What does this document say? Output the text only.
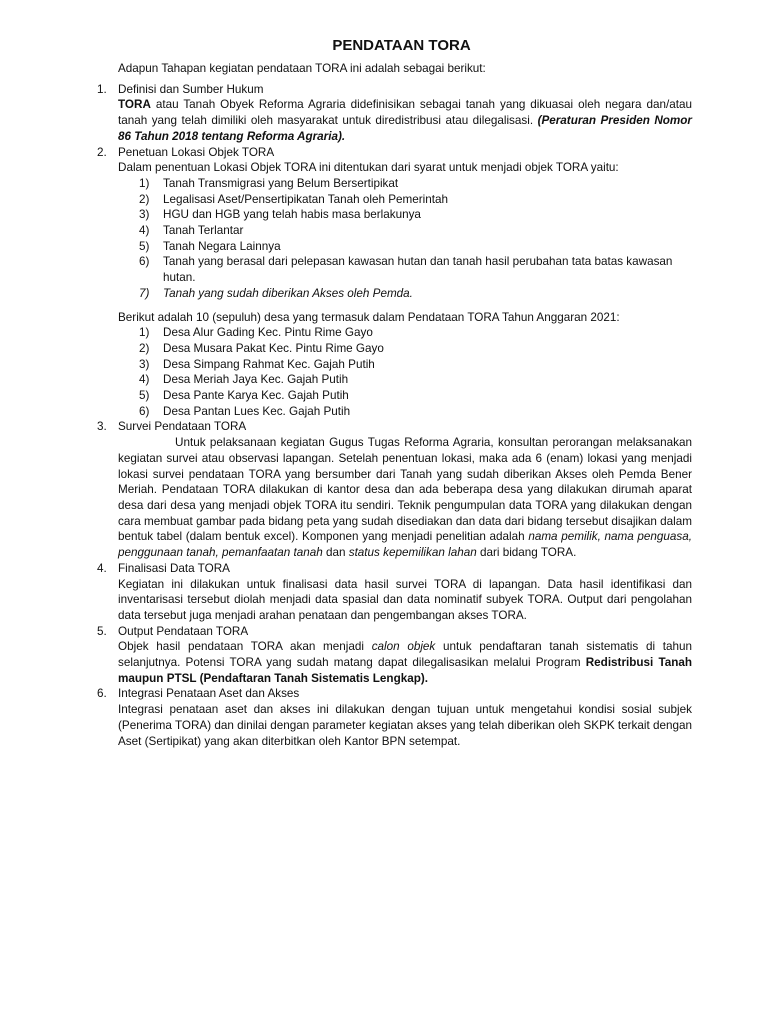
PENDATAAN TORA
Adapun Tahapan kegiatan pendataan TORA ini adalah sebagai berikut:
1. Definisi dan Sumber Hukum
TORA atau Tanah Obyek Reforma Agraria didefinisikan sebagai tanah yang dikuasai oleh negara dan/atau tanah yang telah dimiliki oleh masyarakat untuk diredistribusi atau dilegalisasi. (Peraturan Presiden Nomor 86 Tahun 2018 tentang Reforma Agraria).
2. Penetuan Lokasi Objek TORA
Dalam penentuan Lokasi Objek TORA ini ditentukan dari syarat untuk menjadi objek TORA yaitu:
1) Tanah Transmigrasi yang Belum Bersertipikat
2) Legalisasi Aset/Pensertipikatan Tanah oleh Pemerintah
3) HGU dan HGB yang telah habis masa berlakunya
4) Tanah Terlantar
5) Tanah Negara Lainnya
6) Tanah yang berasal dari pelepasan kawasan hutan dan tanah hasil perubahan tata batas kawasan hutan.
7) Tanah yang sudah diberikan Akses oleh Pemda.
Berikut adalah 10 (sepuluh) desa yang termasuk dalam Pendataan TORA Tahun Anggaran 2021:
1) Desa Alur Gading Kec. Pintu Rime Gayo
2) Desa Musara Pakat Kec. Pintu Rime Gayo
3) Desa Simpang Rahmat Kec. Gajah Putih
4) Desa Meriah Jaya Kec. Gajah Putih
5) Desa Pante Karya Kec. Gajah Putih
6) Desa Pantan Lues Kec. Gajah Putih
3. Survei Pendataan TORA
Untuk pelaksanaan kegiatan Gugus Tugas Reforma Agraria, konsultan perorangan melaksanakan kegiatan survei atau observasi lapangan. Setelah penentuan lokasi, maka ada 6 (enam) lokasi yang menjadi lokasi survei pendataan TORA yang bersumber dari Tanah yang sudah diberikan Akses oleh Pemda Bener Meriah. Pendataan TORA dilakukan di kantor desa dan ada beberapa desa yang dilakukan dirumah aparat desa dari desa yang menjadi objek TORA itu sendiri. Teknik pengumpulan data TORA yang dilakukan dengan cara membuat gambar pada bidang peta yang sudah disediakan dan data dari bidang tersebut disajikan dalam bentuk tabel (dalam bentuk excel). Komponen yang menjadi penelitian adalah nama pemilik, nama penguasa, penggunaan tanah, pemanfaatan tanah dan status kepemilikan lahan dari bidang TORA.
4. Finalisasi Data TORA
Kegiatan ini dilakukan untuk finalisasi data hasil survei TORA di lapangan. Data hasil identifikasi dan inventarisasi tersebut diolah menjadi data spasial dan data nominatif subyek TORA. Output dari pengolahan data tersebut juga menjadi arahan penataan dan pengembangan akses TORA.
5. Output Pendataan TORA
Objek hasil pendataan TORA akan menjadi calon objek untuk pendaftaran tanah sistematis di tahun selanjutnya. Potensi TORA yang sudah matang dapat dilegalisasikan melalui Program Redistribusi Tanah maupun PTSL (Pendaftaran Tanah Sistematis Lengkap).
6. Integrasi Penataan Aset dan Akses
Integrasi penataan aset dan akses ini dilakukan dengan tujuan untuk mengetahui kondisi sosial subjek (Penerima TORA) dan dinilai dengan parameter kegiatan akses yang telah diberikan oleh SKPK terkait dengan Aset (Sertipikat) yang akan diterbitkan oleh Kantor BPN setempat.
